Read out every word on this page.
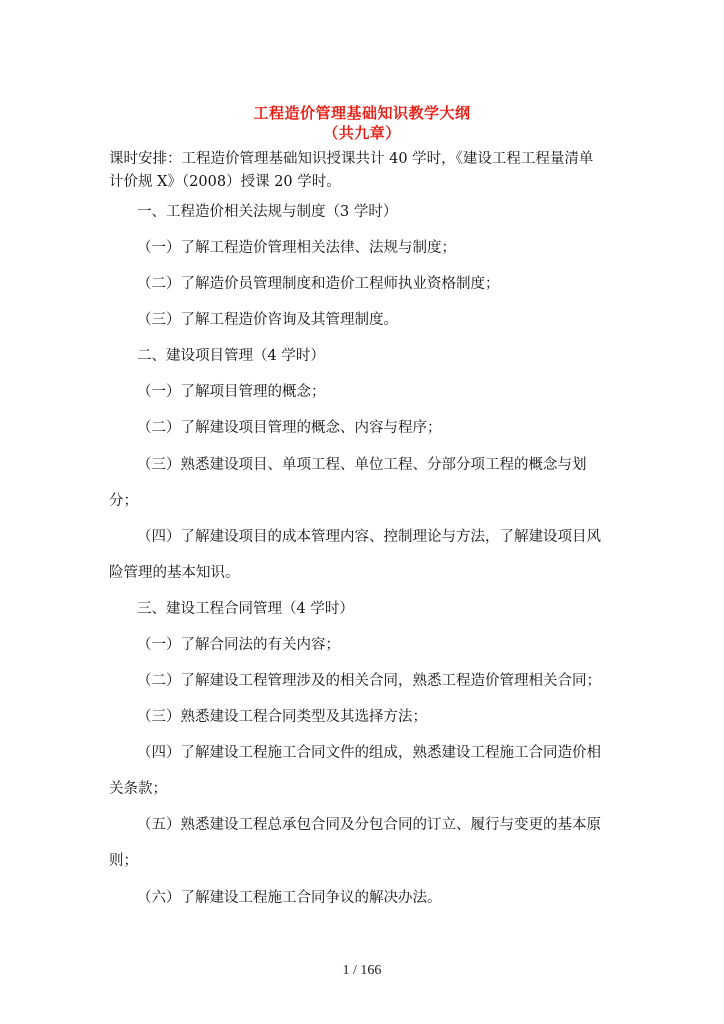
工程造价管理基础知识教学大纲
（共九章）
课时安排：工程造价管理基础知识授课共计 40 学时，《建设工程工程量清单
计价规 X》（2008）授课 20 学时。
一、工程造价相关法规与制度（3 学时）
（一）了解工程造价管理相关法律、法规与制度；
（二）了解造价员管理制度和造价工程师执业资格制度；
（三）了解工程造价咨询及其管理制度。
二、建设项目管理（4 学时）
（一）了解项目管理的概念；
（二）了解建设项目管理的概念、内容与程序；
（三）熟悉建设项目、单项工程、单位工程、分部分项工程的概念与划
分；
（四）了解建设项目的成本管理内容、控制理论与方法，了解建设项目风
险管理的基本知识。
三、建设工程合同管理（4 学时）
（一）了解合同法的有关内容；
（二）了解建设工程管理涉及的相关合同，熟悉工程造价管理相关合同；
（三）熟悉建设工程合同类型及其选择方法；
（四）了解建设工程施工合同文件的组成，熟悉建设工程施工合同造价相
关条款；
（五）熟悉建设工程总承包合同及分包合同的订立、履行与变更的基本原
则；
（六）了解建设工程施工合同争议的解决办法。
1 / 166
